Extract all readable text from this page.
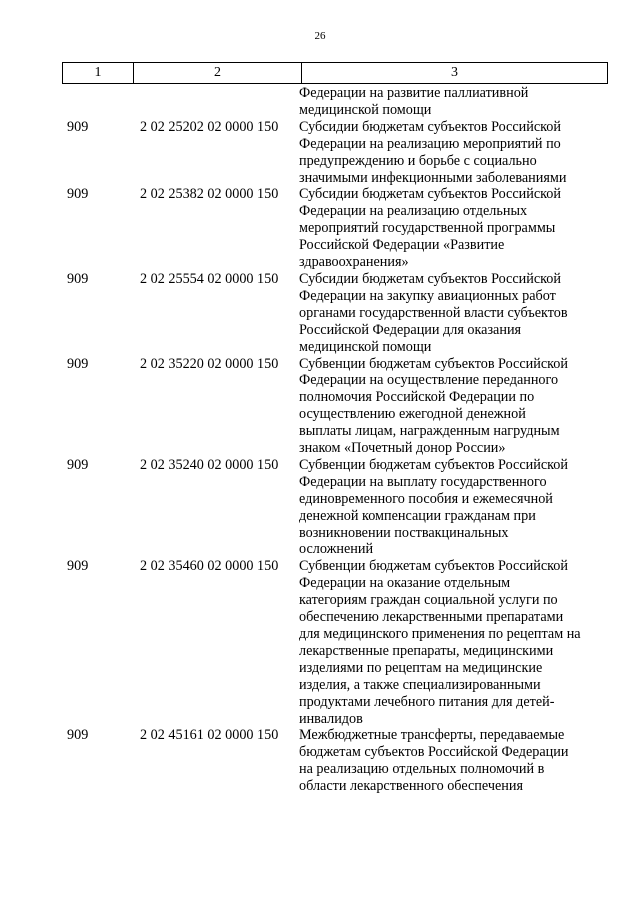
26
1	2	3
Федерации на развитие паллиативной
медицинской помощи
909	2 02 25202 02 0000 150	Субсидии бюджетам субъектов Российской
Федерации на реализацию мероприятий по
предупреждению и борьбе с социально
значимыми инфекционными заболеваниями
909	2 02 25382 02 0000 150	Субсидии бюджетам субъектов Российской
Федерации на реализацию отдельных
мероприятий государственной программы
Российской Федерации «Развитие
здравоохранения»
909	2 02 25554 02 0000 150	Субсидии бюджетам субъектов Российской
Федерации на закупку авиационных работ
органами государственной власти субъектов
Российской Федерации для оказания
медицинской помощи
909	2 02 35220 02 0000 150	Субвенции бюджетам субъектов Российской
Федерации на осуществление переданного
полномочия Российской Федерации по
осуществлению ежегодной денежной
выплаты лицам, награжденным нагрудным
знаком «Почетный донор России»
909	2 02 35240 02 0000 150	Субвенции бюджетам субъектов Российской
Федерации на выплату государственного
единовременного пособия и ежемесячной
денежной компенсации гражданам при
возникновении поствакцинальных
осложнений
909	2 02 35460 02 0000 150	Субвенции бюджетам субъектов Российской
Федерации на оказание отдельным
категориям граждан социальной услуги по
обеспечению лекарственными препаратами
для медицинского применения по рецептам на
лекарственные препараты, медицинскими
изделиями по рецептам на медицинские
изделия, а также специализированными
продуктами лечебного питания для детей-
инвалидов
909	2 02 45161 02 0000 150	Межбюджетные трансферты, передаваемые
бюджетам субъектов Российской Федерации
на реализацию отдельных полномочий в
области лекарственного обеспечения
